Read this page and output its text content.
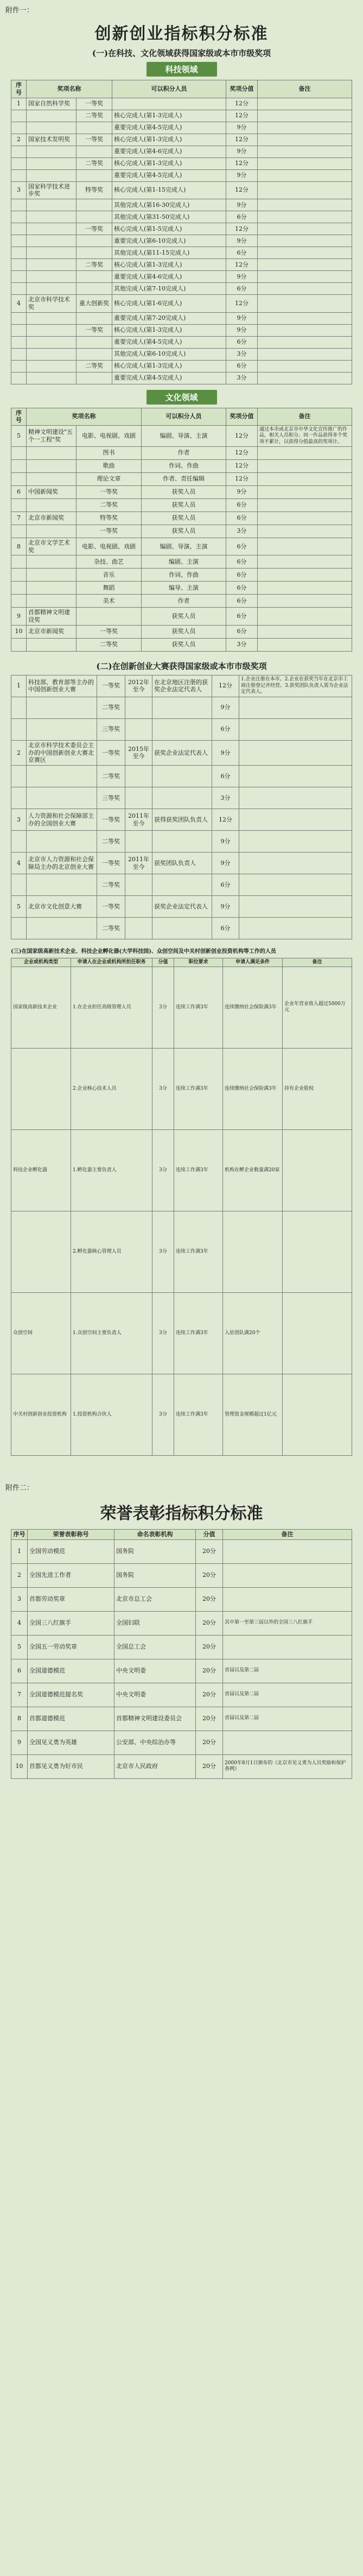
附件一：
创新创业指标积分标准
(一)在科技、文化领域获得国家级或本市市级奖项
科技领域
序号	奖项名称		可以积分人员	奖项分值	备注
1	国家自然科学奖	一等奖		12分	
		二等奖	核心完成人(第1-3完成人)	12分	
			重要完成人(第4-5完成人)	9分	
2	国家技术发明奖	一等奖	核心完成人(第1-3完成人)	12分	
			重要完成人(第4-6完成人)	9分	
		二等奖	核心完成人(第1-3完成人)	12分	
			重要完成人(第4-5完成人)	9分	
3	国家科学技术进步奖	特等奖	核心完成人(第1-15完成人)	12分	
			其他完成人(第16-30完成人)	9分	
			其他完成人(第31-50完成人)	6分	
		一等奖	核心完成人(第1-5完成人)	12分	
			重要完成人(第6-10完成人)	9分	
			其他完成人(第11-15完成人)	6分	
		二等奖	核心完成人(第1-3完成人)	12分	
			重要完成人(第4-6完成人)	9分	
			其他完成人(第7-10完成人)	6分	
4	北京市科学技术奖	重大创新奖	核心完成人(第1-6完成人)	12分	
			重要完成人(第7-20完成人)	9分	
		一等奖	核心完成人(第1-3完成人)	9分	
			重要完成人(第4-5完成人)	6分	
			其他完成人(第6-10完成人)	3分	
		二等奖	核心完成人(第1-3完成人)	6分	
			重要完成人(第4-5完成人)	3分	
文化领域
序号	奖项名称		可以积分人员	奖项分值	备注
5	精神文明建设"五个一工程"奖	电影、电视剧、戏剧	编剧、导演、主演	12分	通过本市或北京市中华文化宣传推广的作品，相关人员积分。同一作品获得多个奖项不累计，以获得分值最高的奖项计。
		图书	作者	12分	
		歌曲	作词、作曲	12分	
		理论文章	作者、责任编辑	12分	
6	中国新闻奖	一等奖	获奖人员	9分	
		二等奖	获奖人员	6分	
7	北京市新闻奖	特等奖	获奖人员	6分	
		一等奖	获奖人员	3分	
8	北京市文学艺术奖	电影、电视剧、戏剧	编剧、导演、主演	6分	
		杂技、曲艺	编剧、主演	6分	
		音乐	作词、作曲	6分	
		舞蹈	编导、主演	6分	
		美术	作者	6分	
9	首都精神文明建设奖		获奖人员	6分	
10	北京市新闻奖	一等奖	获奖人员	6分	
		二等奖	获奖人员	3分	
(二)在创新创业大赛获得国家级或本市市级奖项
1	科技部、教育部等主办的中国创新创业大赛	一等奖	2012年至今	在北京地区注册的获奖企业法定代表人	12分	1.企业注册在本市。2.企业在获奖当年在北京市工商注册登记并经营。3.获奖团队负责人需为企业法定代表人。
		二等奖			9分	
		三等奖			6分	
2	北京市科学技术委员会主办的中国创新创业大赛北京赛区	一等奖	2015年至今	获奖企业法定代表人	9分	
		二等奖			6分	
		三等奖			3分	
3	人力资源和社会保障部主办的全国创业大赛	一等奖	2011年至今	获得获奖团队负责人	12分	
		二等奖			9分	
4	北京市人力资源和社会保障局主办的北京创业大赛	一等奖	2011年至今	获奖团队负责人	9分	
		二等奖			6分	
5	北京市文化创意大赛	一等奖		获奖企业法定代表人	9分	
		二等奖			6分	
(三)在国家级高新技术企业、科技企业孵化器(大学科技园)、众创空间及中关村创新创业投资机构等工作的人员
企业或机构类型	申请人在企业或机构所担任职务	分值	职位要求	申请人满足条件	备注
国家级高新技术企业	1.在企业担任高级管理人员	3分	连续工作满3年	连续缴纳社会保险满3年	企业年营业收入超过5000万元
	2.企业核心技术人员	3分	连续工作满3年	连续缴纳社会保险满3年	持有企业股权
科技企业孵化器	1.孵化器主要负责人	3分	连续工作满3年	机构在孵企业数量满20家	
	2.孵化器核心管理人员	3分	连续工作满3年		
众创空间	1.众创空间主要负责人	3分	连续工作满3年	入驻团队满20个	
中关村创新创业投资机构	1.投资机构合伙人	3分	连续工作满3年	管理资金规模超过1亿元	
附件二：
荣誉表彰指标积分标准
序号	荣誉表彰称号	命名表彰机构	分值	备注
1	全国劳动模范	国务院	20分	
2	全国先进工作者	国务院	20分	
3	首都劳动奖章	北京市总工会	20分	
4	全国三八红旗手	全国妇联	20分	其中第一至第三届以外的全国三八红旗手
5	全国五一劳动奖章	全国总工会	20分	
6	全国道德模范	中央文明委	20分	首届以及第二届
7	全国道德模范提名奖	中央文明委	20分	首届以及第二届
8	首都道德模范	首都精神文明建设委员会	20分	首届以及第二届
9	全国见义勇为英雄	公安部、中央综治办等	20分	
10	首都见义勇为好市民	北京市人民政府	20分	2000年8月1日颁布的《北京市见义勇为人员奖励和保护条例》
